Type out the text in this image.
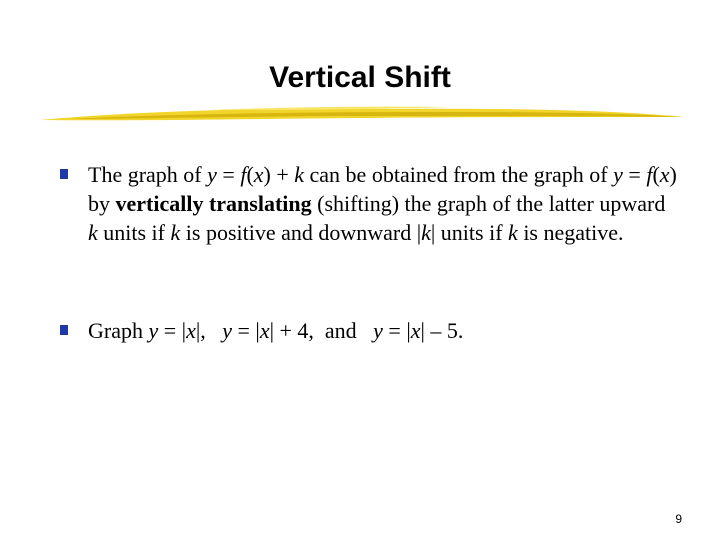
Vertical Shift
The graph of y = f(x) + k can be obtained from the graph of y = f(x) by vertically translating (shifting) the graph of the latter upward k units if k is positive and downward |k| units if k is negative.
Graph y = |x|,   y = |x| + 4,  and   y = |x| – 5.
9
